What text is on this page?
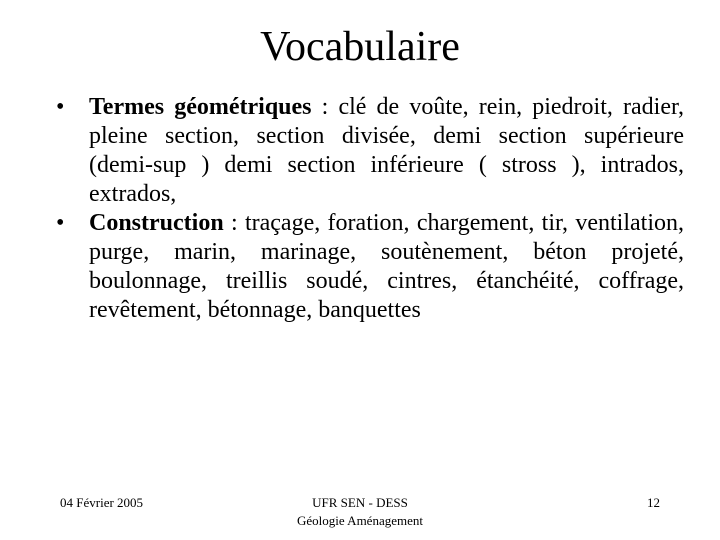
Vocabulaire
•	Termes géométriques : clé de voûte, rein, piedroit, radier, pleine section, section divisée, demi section supérieure (demi-sup ) demi section inférieure ( stross ), intrados, extrados,
•	Construction : traçage, foration, chargement, tir, ventilation, purge, marin, marinage, soutènement, béton projeté, boulonnage, treillis soudé, cintres, étanchéité, coffrage, revêtement, bétonnage, banquettes
04 Février 2005	UFR SEN - DESS
Géologie Aménagement
12
